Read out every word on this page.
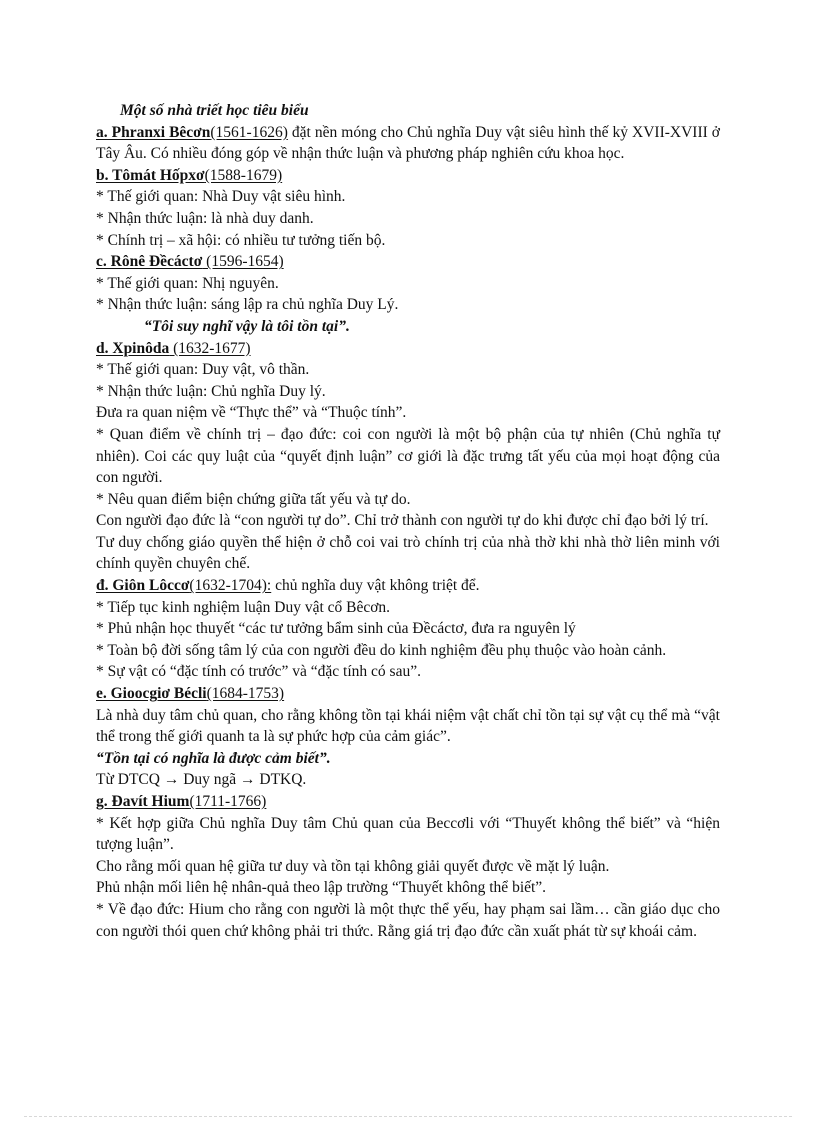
Một số nhà triết học tiêu biểu
a. Phranxi Bêcơn(1561-1626) đặt nền móng cho Chủ nghĩa Duy vật siêu hình thế kỷ XVII-XVIII ở Tây Âu. Có nhiều đóng góp về nhận thức luận và phương pháp nghiên cứu khoa học.
b. Tômát Hốpxơ(1588-1679)
* Thế giới quan: Nhà Duy vật siêu hình.
* Nhận thức luận: là nhà duy danh.
* Chính trị – xã hội: có nhiều tư tưởng tiến bộ.
c. Rônê Đềcáctơ (1596-1654)
* Thế giới quan: Nhị nguyên.
* Nhận thức luận: sáng lập ra chủ nghĩa Duy Lý.
“Tôi suy nghĩ vậy là tôi tồn tại”.
d. Xpinôda (1632-1677)
* Thế giới quan: Duy vật, vô thần.
* Nhận thức luận: Chủ nghĩa Duy lý.
Đưa ra quan niệm về “Thực thể” và “Thuộc tính”.
* Quan điểm về chính trị – đạo đức: coi con người là một bộ phận của tự nhiên (Chủ nghĩa tự nhiên). Coi các quy luật của “quyết định luận” cơ giới là đặc trưng tất yếu của mọi hoạt động của con người.
* Nêu quan điểm biện chứng giữa tất yếu và tự do.
Con người đạo đức là “con người tự do”. Chỉ trở thành con người tự do khi được chỉ đạo bởi lý trí.
Tư duy chống giáo quyền thể hiện ở chỗ coi vai trò chính trị của nhà thờ khi nhà thờ liên minh với chính quyền chuyên chế.
đ. Giôn Lôccơ(1632-1704): chủ nghĩa duy vật không triệt để.
* Tiếp tục kinh nghiệm luận Duy vật cổ Bêcơn.
* Phủ nhận học thuyết “các tư tưởng bẩm sinh của Đềcáctơ, đưa ra nguyên lý
* Toàn bộ đời sống tâm lý của con người đều do kinh nghiệm đều phụ thuộc vào hoàn cảnh.
* Sự vật có “đặc tính có trước” và “đặc tính có sau”.
e. Gioocgiơ Bécli(1684-1753)
Là nhà duy tâm chủ quan, cho rằng không tồn tại khái niệm vật chất chỉ tồn tại sự vật cụ thể mà “vật thể trong thế giới quanh ta là sự phức hợp của cảm giác”.
“Tồn tại có nghĩa là được cảm biết”.
Từ DTCQ → Duy ngã → DTKQ.
g. Đavít Hium(1711-1766)
* Kết hợp giữa Chủ nghĩa Duy tâm Chủ quan của Beccơli với “Thuyết không thể biết” và “hiện tượng luận”.
Cho rằng mối quan hệ giữa tư duy và tồn tại không giải quyết được về mặt lý luận.
Phủ nhận mối liên hệ nhân-quả theo lập trường “Thuyết không thể biết”.
* Về đạo đức: Hium cho rằng con người là một thực thể yếu, hay phạm sai lầm… cần giáo dục cho con người thói quen chứ không phải tri thức. Rằng giá trị đạo đức cần xuất phát từ sự khoái cảm.
